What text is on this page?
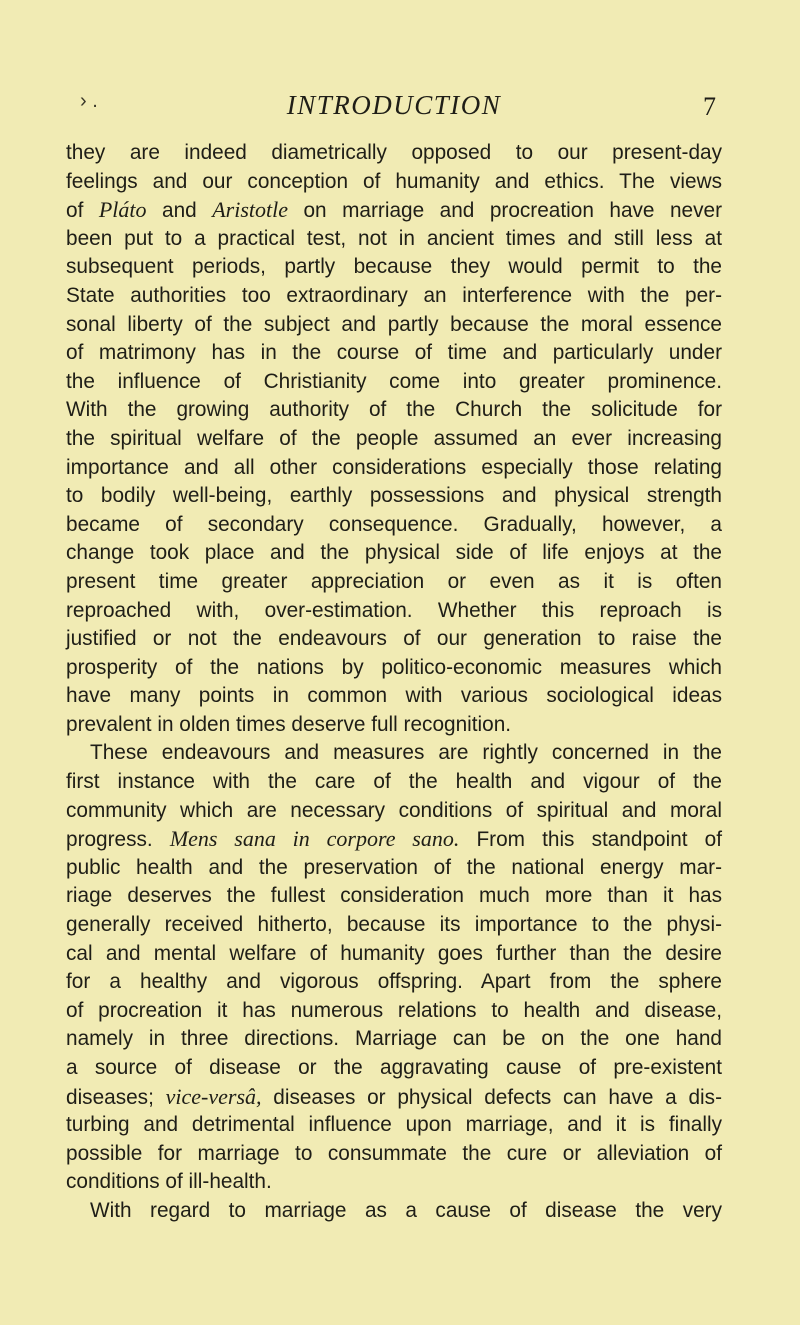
› .	INTRODUCTION	7
they are indeed diametrically opposed to our present-day
feelings and our conception of humanity and ethics. The views
of Pláto and Aristotle on marriage and procreation have never
been put to a practical test, not in ancient times and still less at
subsequent periods, partly because they would permit to the
State authorities too extraordinary an interference with the per-
sonal liberty of the subject and partly because the moral essence
of matrimony has in the course of time and particularly under
the influence of Christianity come into greater prominence.
With the growing authority of the Church the solicitude for
the spiritual welfare of the people assumed an ever increasing
importance and all other considerations especially those relating
to bodily well-being, earthly possessions and physical strength
became of secondary consequence. Gradually, however, a
change took place and the physical side of life enjoys at the
present time greater appreciation or even as it is often
reproached with, over-estimation. Whether this reproach is
justified or not the endeavours of our generation to raise the
prosperity of the nations by politico-economic measures which
have many points in common with various sociological ideas
prevalent in olden times deserve full recognition.
These endeavours and measures are rightly concerned in the
first instance with the care of the health and vigour of the
community which are necessary conditions of spiritual and moral
progress. Mens sana in corpore sano. From this standpoint of
public health and the preservation of the national energy mar-
riage deserves the fullest consideration much more than it has
generally received hitherto, because its importance to the physi-
cal and mental welfare of humanity goes further than the desire
for a healthy and vigorous offspring. Apart from the sphere
of procreation it has numerous relations to health and disease,
namely in three directions. Marriage can be on the one hand
a source of disease or the aggravating cause of pre-existent
diseases; vice-versâ, diseases or physical defects can have a dis-
turbing and detrimental influence upon marriage, and it is finally
possible for marriage to consummate the cure or alleviation of
conditions of ill-health.
With regard to marriage as a cause of disease the very
